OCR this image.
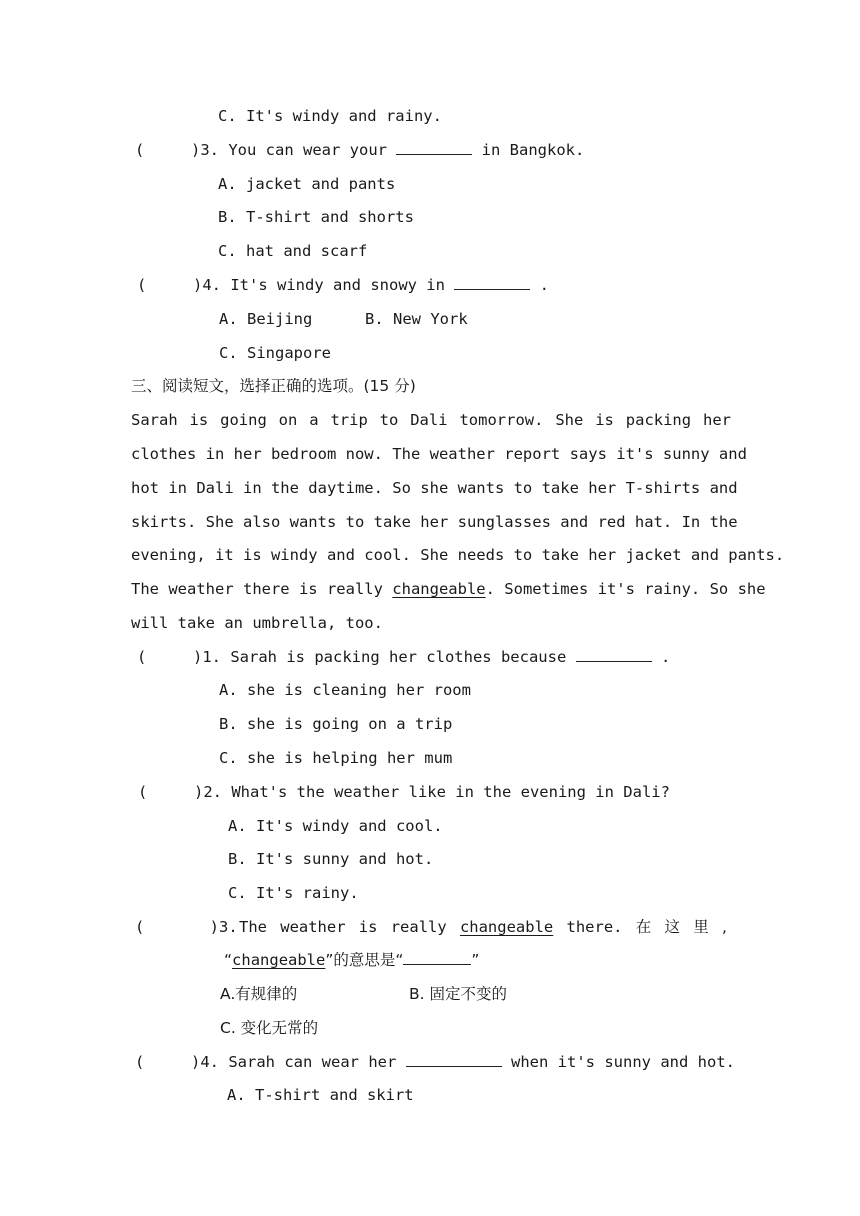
C. It's windy and rainy.
(     )3. You can wear your	in Bangkok.
A. jacket and pants
B. T-shirt and shorts
C. hat and scarf
(     )4. It's windy and snowy in	.
A. Beijing	B. New York
C. Singapore
三、阅读短文，选择正确的选项。(15 分)
Sarah is going on a trip to Dali tomorrow. She is packing her
clothes in her bedroom now. The weather report says it's sunny and
hot in Dali in the daytime. So she wants to take her T-shirts and
skirts. She also wants to take her sunglasses and red hat. In the
evening, it is windy and cool. She needs to take her jacket and pants.
The weather there is really changeable. Sometimes it's rainy. So she
will take an umbrella, too.
(     )1. Sarah is packing her clothes because	.
A. she is cleaning her room
B. she is going on a trip
C. she is helping her mum
(     )2. What's the weather like in the evening in Dali?
A. It's windy and cool.
B. It's sunny and hot.
C. It's rainy.
(       )3. The weather is really changeable there. 在 这 里 ,
“changeable”的意思是“	”
A.有规律的	B. 固定不变的
C. 变化无常的
(     )4. Sarah can wear her	when it's sunny and hot.
A. T-shirt and skirt
